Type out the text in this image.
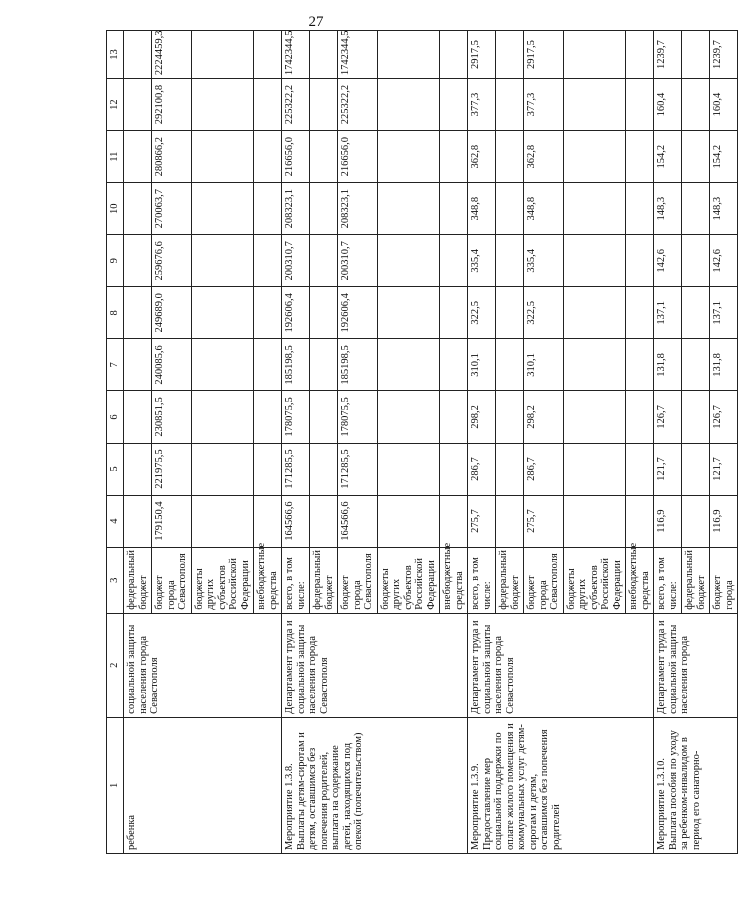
27
1	2	3	4	5	6	7	8	9	10	11	12	13
ребенка	социальной защиты населения города Севастополя	федеральный бюджет										
		бюджет города Севастополя	179150,4	221975,5	230851,5	240085,6	249689,0	259676,6	270063,7	280866,2	292100,8	2224459,3
		бюджеты других субъектов Российской Федерации										
		внебюджетные средства										
Мероприятие 1.3.8. Выплаты детям-сиротам и детям, оставшимся без попечения родителей, выплата на содержание детей, находящихся под опекой (попечительством)	Департамент труда и социальной защиты населения города Севастополя	всего, в том числе:	164566,6	171285,5	178075,5	185198,5	192606,4	200310,7	208323,1	216656,0	225322,2	1742344,5
		федеральный бюджет										
		бюджет города Севастополя	164566,6	171285,5	178075,5	185198,5	192606,4	200310,7	208323,1	216656,0	225322,2	1742344,5
		бюджеты других субъектов Российской Федерации										
		внебюджетные средства										
Мероприятие 1.3.9. Предоставление мер социальной поддержки по оплате жилого помещения и коммунальных услуг детям-сиротам и детям, оставшимся без попечения родителей	Департамент труда и социальной защиты населения города Севастополя	всего, в том числе:	275,7	286,7	298,2	310,1	322,5	335,4	348,8	362,8	377,3	2917,5
		федеральный бюджет										
		бюджет города Севастополя	275,7	286,7	298,2	310,1	322,5	335,4	348,8	362,8	377,3	2917,5
		бюджеты других субъектов Российской Федерации										
		внебюджетные средства										
Мероприятие 1.3.10. Выплата пособия по уходу за ребенком-инвалидом в период его санаторно-	Департамент труда и социальной защиты населения города	всего, в том числе:	116,9	121,7	126,7	131,8	137,1	142,6	148,3	154,2	160,4	1239,7
		федеральный бюджет										
		бюджет города	116,9	121,7	126,7	131,8	137,1	142,6	148,3	154,2	160,4	1239,7
